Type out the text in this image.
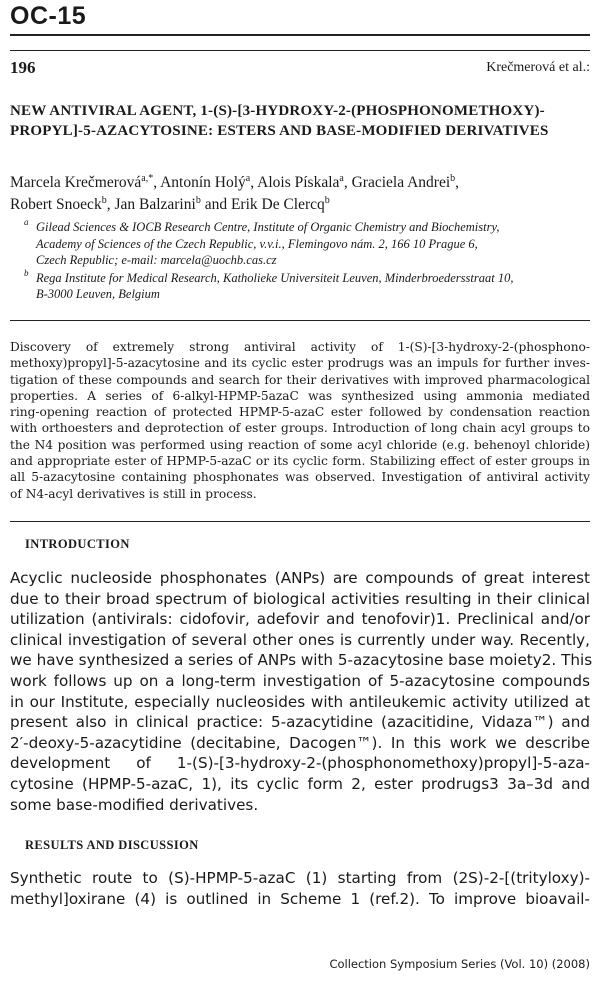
OC-15
196	Krečmerová et al.:
NEW ANTIVIRAL AGENT, 1-(S)-[3-HYDROXY-2-(PHOSPHONOMETHOXY)-
PROPYL]-5-AZACYTOSINE: ESTERS AND BASE-MODIFIED DERIVATIVES
Marcela Krečmerová$^{a,*}$, Antonín Holý$^a$, Alois Pískala$^a$, Graciela Andrei$^b$,
Robert Snoeck$^b$, Jan Balzarini$^b$ and Erik De Clercq$^b$
a Gilead Sciences & IOCB Research Centre, Institute of Organic Chemistry and Biochemistry,
Academy of Sciences of the Czech Republic, v.v.i., Flemingovo nám. 2, 166 10 Prague 6,
Czech Republic; e-mail: marcela@uochb.cas.cz
b Rega Institute for Medical Research, Katholieke Universiteit Leuven, Minderbroedersstraat 10,
B-3000 Leuven, Belgium
Discovery of extremely strong antiviral activity of 1-(S)-[3-hydroxy-2-(phosphono-
methoxy)propyl]-5-azacytosine and its cyclic ester prodrugs was an impuls for further inves-
tigation of these compounds and search for their derivatives with improved pharmacological
properties. A series of 6-alkyl-HPMP-5azaC was synthesized using ammonia mediated
ring-opening reaction of protected HPMP-5-azaC ester followed by condensation reaction
with orthoesters and deprotection of ester groups. Introduction of long chain acyl groups to
the N4 position was performed using reaction of some acyl chloride (e.g. behenoyl chloride)
and appropriate ester of HPMP-5-azaC or its cyclic form. Stabilizing effect of ester groups in
all 5-azacytosine containing phosphonates was observed. Investigation of antiviral activity
of N4-acyl derivatives is still in process.
INTRODUCTION
Acyclic nucleoside phosphonates (ANPs) are compounds of great interest
due to their broad spectrum of biological activities resulting in their clinical
utilization (antivirals: cidofovir, adefovir and tenofovir)1. Preclinical and/or
clinical investigation of several other ones is currently under way. Recently,
we have synthesized a series of ANPs with 5-azacytosine base moiety2. This
work follows up on a long-term investigation of 5-azacytosine compounds
in our Institute, especially nucleosides with antileukemic activity utilized at
present also in clinical practice: 5-azacytidine (azacitidine, Vidaza™) and
2′-deoxy-5-azacytidine (decitabine, Dacogen™). In this work we describe
development of 1-(S)-[3-hydroxy-2-(phosphonomethoxy)propyl]-5-aza-
cytosine (HPMP-5-azaC, 1), its cyclic form 2, ester prodrugs3 3a–3d and
some base-modified derivatives.
RESULTS AND DISCUSSION
Synthetic route to (S)-HPMP-5-azaC (1) starting from (2S)-2-[(trityloxy)-
methyl]oxirane (4) is outlined in Scheme 1 (ref.2). To improve bioavail-
Collection Symposium Series (Vol. 10) (2008)
